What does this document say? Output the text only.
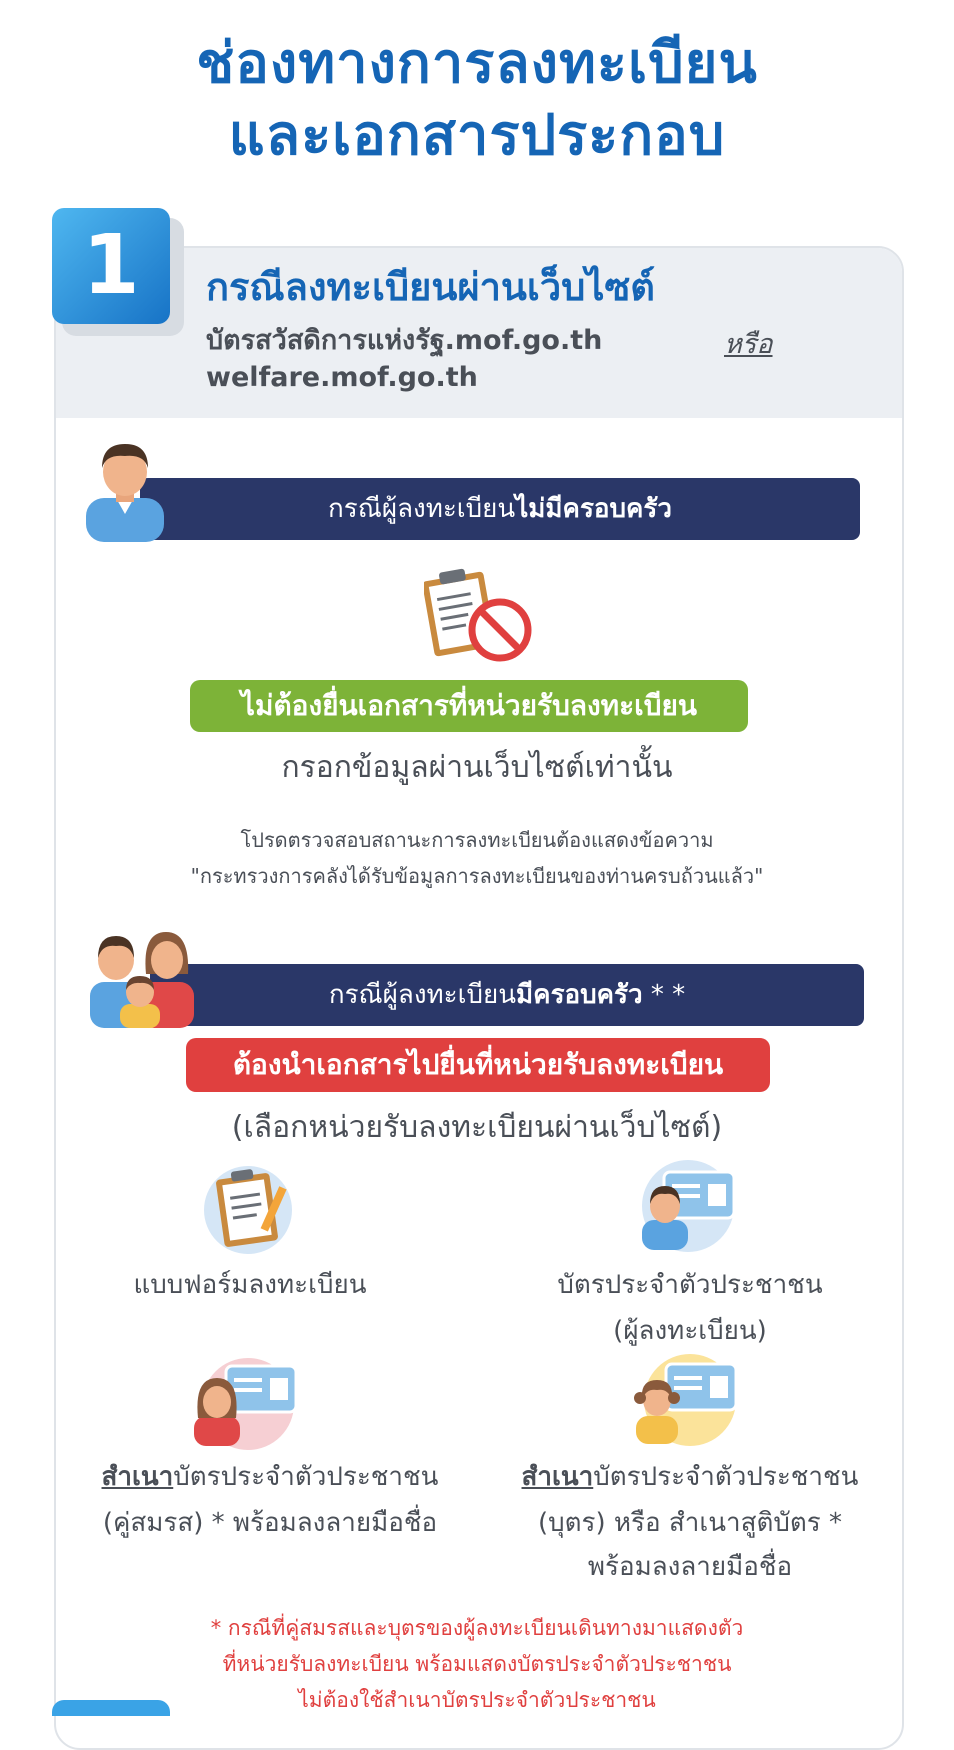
ช่องทางการลงทะเบียน
และเอกสารประกอบ
1	กรณีลงทะเบียนผ่านเว็บไซต์
บัตรสวัสดิการแห่งรัฐ.mof.go.th	หรือ
welfare.mof.go.th
กรณีผู้ลงทะเบียนไม่มีครอบครัว
ไม่ต้องยื่นเอกสารที่หน่วยรับลงทะเบียน
กรอกข้อมูลผ่านเว็บไซต์เท่านั้น
โปรดตรวจสอบสถานะการลงทะเบียนต้องแสดงข้อความ
"กระทรวงการคลังได้รับข้อมูลการลงทะเบียนของท่านครบถ้วนแล้ว"
กรณีผู้ลงทะเบียนมีครอบครัว * *
ต้องนำเอกสารไปยื่นที่หน่วยรับลงทะเบียน
(เลือกหน่วยรับลงทะเบียนผ่านเว็บไซต์)
แบบฟอร์มลงทะเบียน	บัตรประจำตัวประชาชน
(ผู้ลงทะเบียน)
สำเนาบัตรประจำตัวประชาชน
(คู่สมรส) * พร้อมลงลายมือชื่อ
สำเนาบัตรประจำตัวประชาชน
(บุตร) หรือ สำเนาสูติบัตร *
พร้อมลงลายมือชื่อ
* กรณีที่คู่สมรสและบุตรของผู้ลงทะเบียนเดินทางมาแสดงตัว
ที่หน่วยรับลงทะเบียน พร้อมแสดงบัตรประจำตัวประชาชน
ไม่ต้องใช้สำเนาบัตรประจำตัวประชาชน
